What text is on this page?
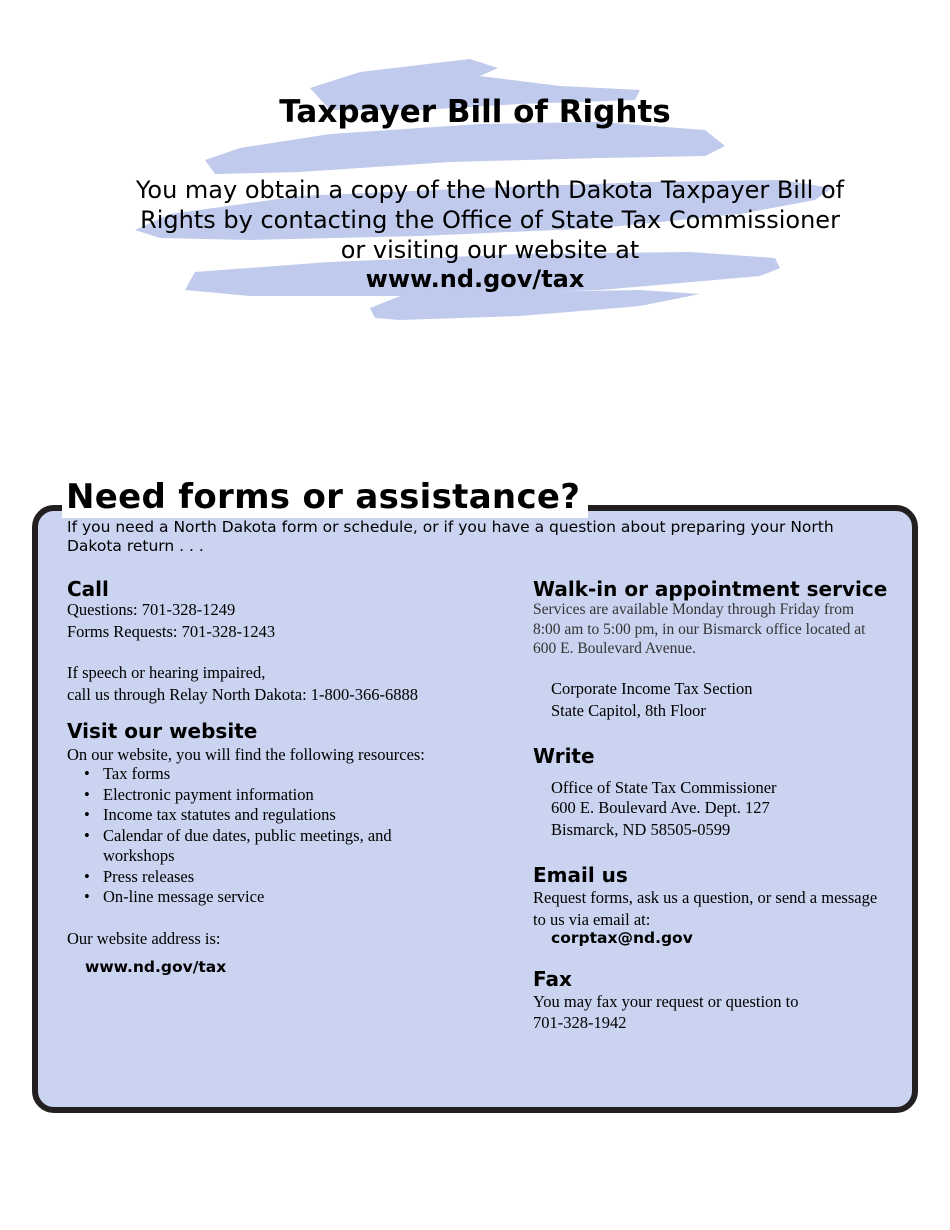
Taxpayer Bill of Rights
You may obtain a copy of the North Dakota Taxpayer Bill of Rights by contacting the Office of State Tax Commissioner or visiting our website at
www.nd.gov/tax
Need forms or assistance?
If you need a North Dakota form or schedule, or if you have a question about preparing your North Dakota return . . .
Call
Questions: 701-328-1249
Forms Requests: 701-328-1243
If speech or hearing impaired,
call us through Relay North Dakota: 1-800-366-6888
Visit our website
On our website, you will find the following resources:
• Tax forms
• Electronic payment information
• Income tax statutes and regulations
• Calendar of due dates, public meetings, and workshops
• Press releases
• On-line message service
Our website address is:
www.nd.gov/tax
Walk-in or appointment service
Services are available Monday through Friday from
8:00 am to 5:00 pm, in our Bismarck office located at
600 E. Boulevard Avenue.
Corporate Income Tax Section
State Capitol, 8th Floor
Write
Office of State Tax Commissioner
600 E. Boulevard Ave. Dept. 127
Bismarck, ND 58505-0599
Email us
Request forms, ask us a question, or send a message
to us via email at:
corptax@nd.gov
Fax
You may fax your request or question to
701-328-1942
